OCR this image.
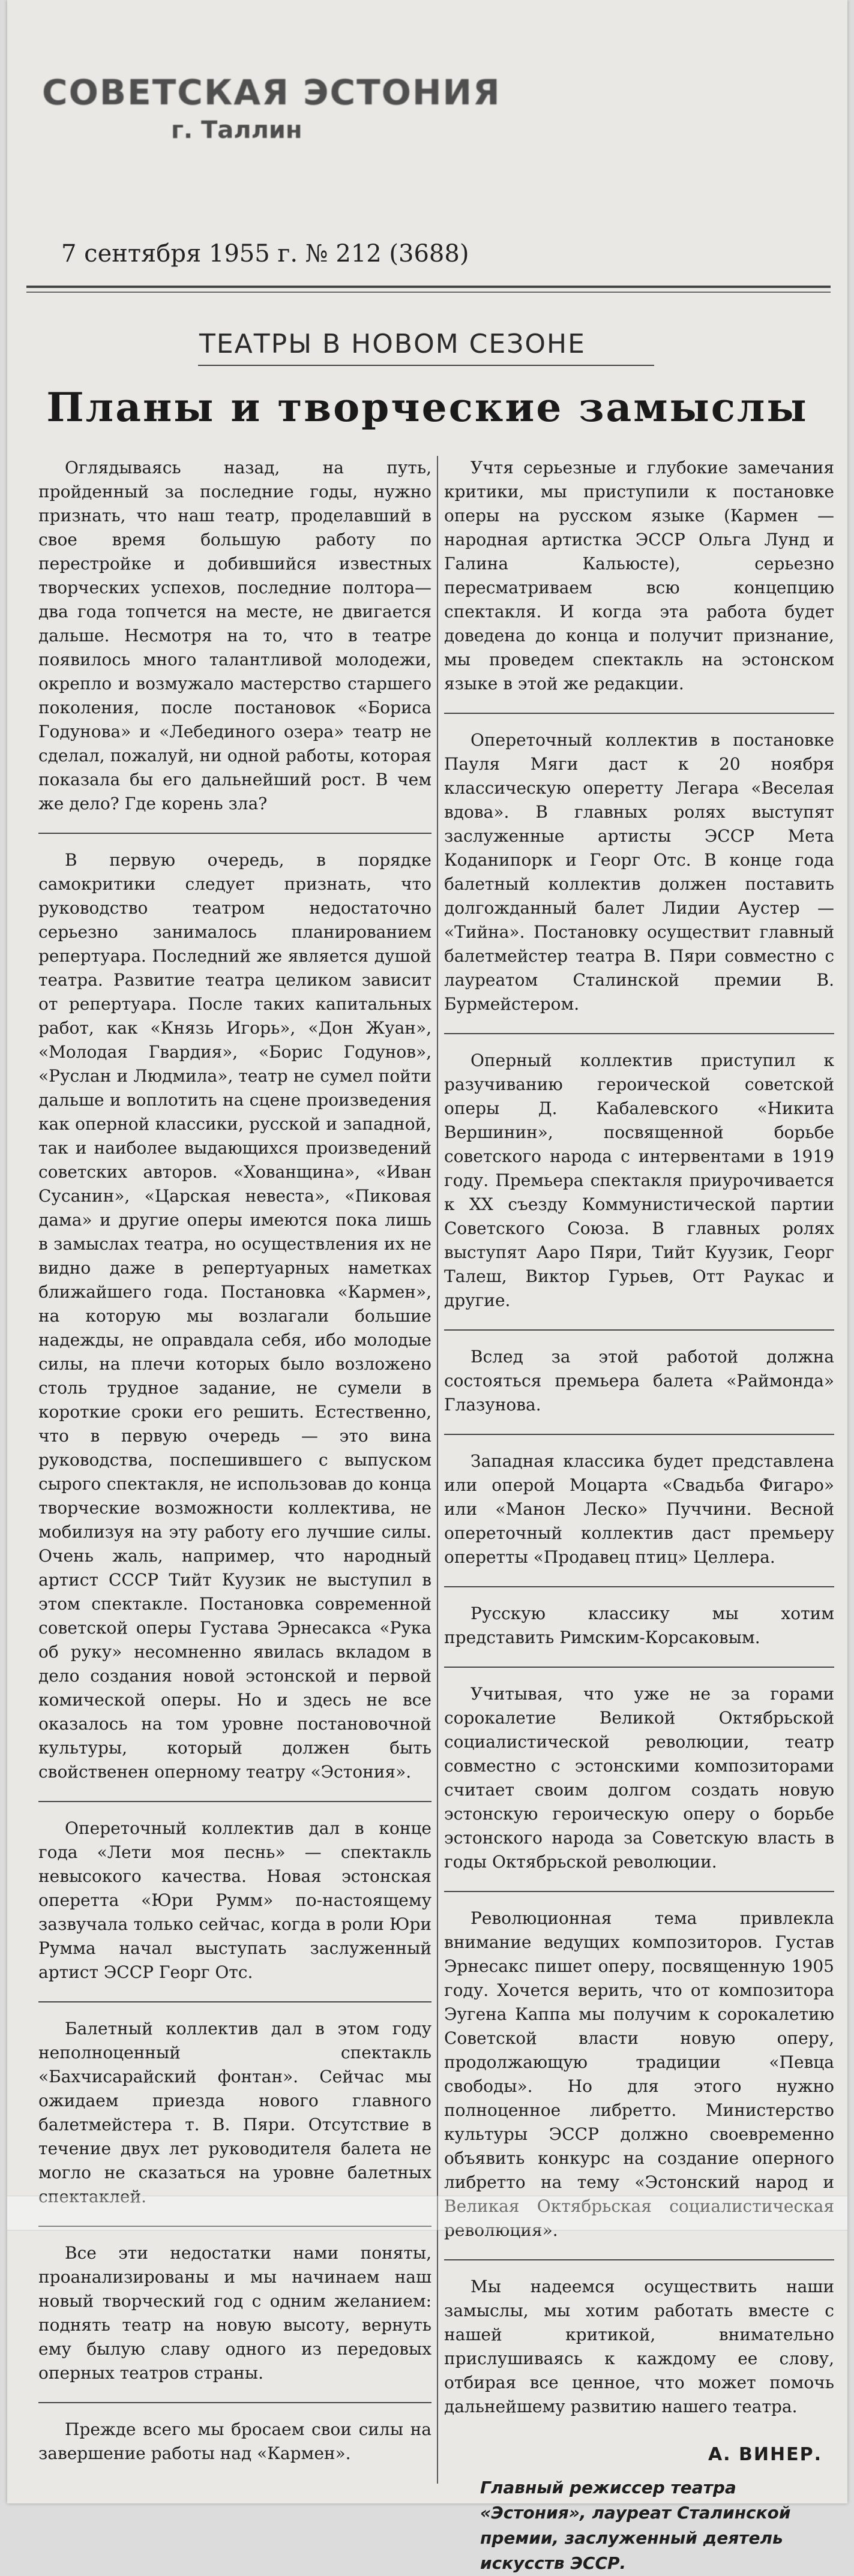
СОВЕТСКАЯ ЭСТОНИЯ
г. Таллин
7 сентября 1955 г. № 212 (3688)
ТЕАТРЫ В НОВОМ СЕЗОНЕ
Планы и творческие замыслы

Оглядываясь назад, на путь, пройденный за последние годы, нужно признать, что наш театр, проделавший в свое время большую работу по перестройке и добившийся известных творческих успехов, последние полтора—два года топчется на месте, не двигается дальше. Несмотря на то, что в театре появилось много талантливой молодежи, окрепло и возмужало мастерство старшего поколения, после постановок «Бориса Годунова» и «Лебединого озера» театр не сделал, пожалуй, ни одной работы, которая показала бы его дальнейший рост. В чем же дело? Где корень зла?

В первую очередь, в порядке самокритики следует признать, что руководство театром недостаточно серьезно занималось планированием репертуара. Последний же является душой театра. Развитие театра целиком зависит от репертуара. После таких капитальных работ, как «Князь Игорь», «Дон Жуан», «Молодая Гвардия», «Борис Годунов», «Руслан и Людмила», театр не сумел пойти дальше и воплотить на сцене произведения как оперной классики, русской и западной, так и наиболее выдающихся произведений советских авторов. «Хованщина», «Иван Сусанин», «Царская невеста», «Пиковая дама» и другие оперы имеются пока лишь в замыслах театра, но осуществления их не видно даже в репертуарных наметках ближайшего года. Постановка «Кармен», на которую мы возлагали большие надежды, не оправдала себя, ибо молодые силы, на плечи которых было возложено столь трудное задание, не сумели в короткие сроки его решить. Естественно, что в первую очередь — это вина руководства, поспешившего с выпуском сырого спектакля, не использовав до конца творческие возможности коллектива, не мобилизуя на эту работу его лучшие силы. Очень жаль, например, что народный артист СССР Тийт Куузик не выступил в этом спектакле. Постановка современной советской оперы Густава Эрнесакса «Рука об руку» несомненно явилась вкладом в дело создания новой эстонской и первой комической оперы. Но и здесь не все оказалось на том уровне постановочной культуры, который должен быть свойственен оперному театру «Эстония».

Опереточный коллектив дал в конце года «Лети моя песнь» — спектакль невысокого качества. Новая эстонская оперетта «Юри Румм» по-настоящему зазвучала только сейчас, когда в роли Юри Румма начал выступать заслуженный артист ЭССР Георг Отс.

Балетный коллектив дал в этом году неполноценный спектакль «Бахчисарайский фонтан». Сейчас мы ожидаем приезда нового главного балетмейстера т. В. Пяри. Отсутствие в течение двух лет руководителя балета не могло не сказаться на уровне балетных спектаклей.

Все эти недостатки нами поняты, проанализированы и мы начинаем наш новый творческий год с одним желанием: поднять театр на новую высоту, вернуть ему былую славу одного из передовых оперных театров страны.

Прежде всего мы бросаем свои силы на завершение работы над «Кармен».

Учтя серьезные и глубокие замечания критики, мы приступили к постановке оперы на русском языке (Кармен — народная артистка ЭССР Ольга Лунд и Галина Кальюсте), серьезно пересматриваем всю концепцию спектакля. И когда эта работа будет доведена до конца и получит признание, мы проведем спектакль на эстонском языке в этой же редакции.

Опереточный коллектив в постановке Пауля Мяги даст к 20 ноября классическую оперетту Легара «Веселая вдова». В главных ролях выступят заслуженные артисты ЭССР Мета Коданипорк и Георг Отс. В конце года балетный коллектив должен поставить долгожданный балет Лидии Аустер — «Тийна». Постановку осуществит главный балетмейстер театра В. Пяри совместно с лауреатом Сталинской премии В. Бурмейстером.

Оперный коллектив приступил к разучиванию героической советской оперы Д. Кабалевского «Никита Вершинин», посвященной борьбе советского народа с интервентами в 1919 году. Премьера спектакля приурочивается к XX съезду Коммунистической партии Советского Союза. В главных ролях выступят Ааро Пяри, Тийт Куузик, Георг Талеш, Виктор Гурьев, Отт Раукас и другие.

Вслед за этой работой должна состояться премьера балета «Раймонда» Глазунова.

Западная классика будет представлена или оперой Моцарта «Свадьба Фигаро» или «Манон Леско» Пуччини. Весной опереточный коллектив даст премьеру оперетты «Продавец птиц» Целлера.

Русскую классику мы хотим представить Римским-Корсаковым.

Учитывая, что уже не за горами сорокалетие Великой Октябрьской социалистической революции, театр совместно с эстонскими композиторами считает своим долгом создать новую эстонскую героическую оперу о борьбе эстонского народа за Советскую власть в годы Октябрьской революции.

Революционная тема привлекла внимание ведущих композиторов. Густав Эрнесакс пишет оперу, посвященную 1905 году. Хочется верить, что от композитора Эугена Каппа мы получим к сорокалетию Советской власти новую оперу, продолжающую традиции «Певца свободы». Но для этого нужно полноценное либретто. Министерство культуры ЭССР должно своевременно объявить конкурс на создание оперного либретто на тему «Эстонский народ и Великая Октябрьская социалистическая революция».

Мы надеемся осуществить наши замыслы, мы хотим работать вместе с нашей критикой, внимательно прислушиваясь к каждому ее слову, отбирая все ценное, что может помочь дальнейшему развитию нашего театра.

А. ВИНЕР.
Главный режиссер театра «Эстония», лауреат Сталинской премии, заслуженный деятель искусств ЭССР.
